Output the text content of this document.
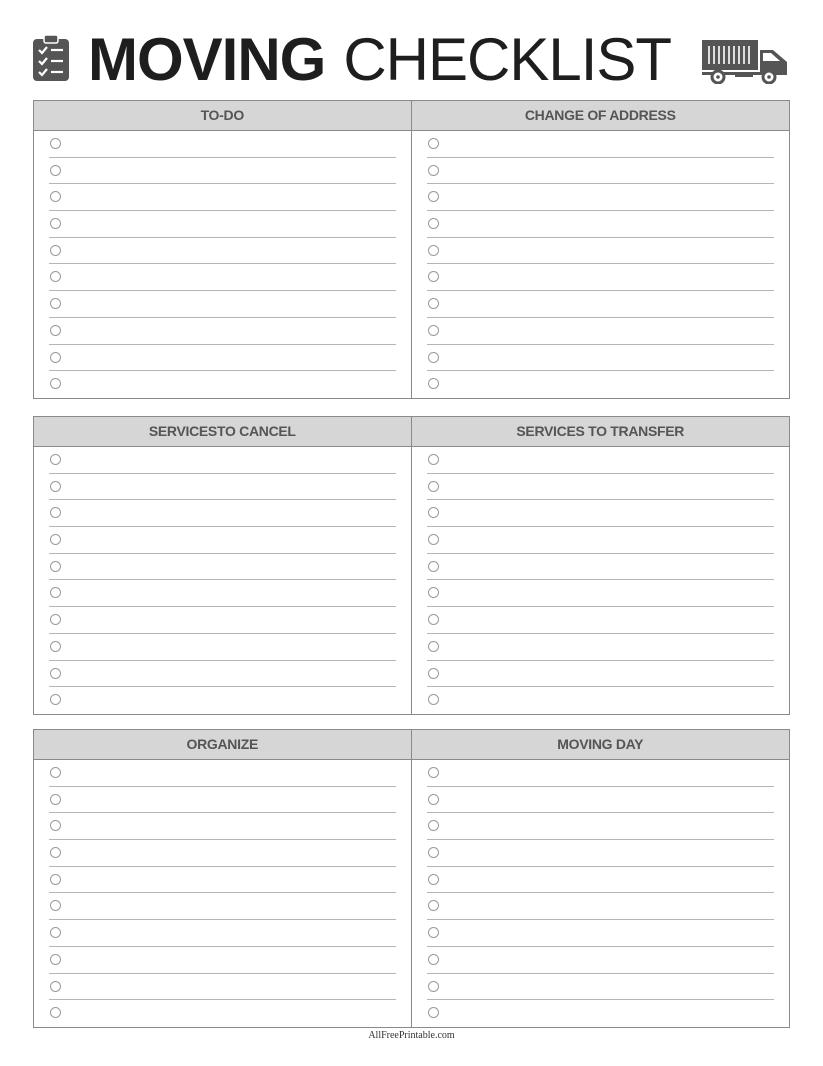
MOVING CHECKLIST
TO-DO	CHANGE OF ADDRESS
SERVICESTO CANCEL	SERVICES TO TRANSFER
ORGANIZE	MOVING DAY
AllFreePrintable.com
